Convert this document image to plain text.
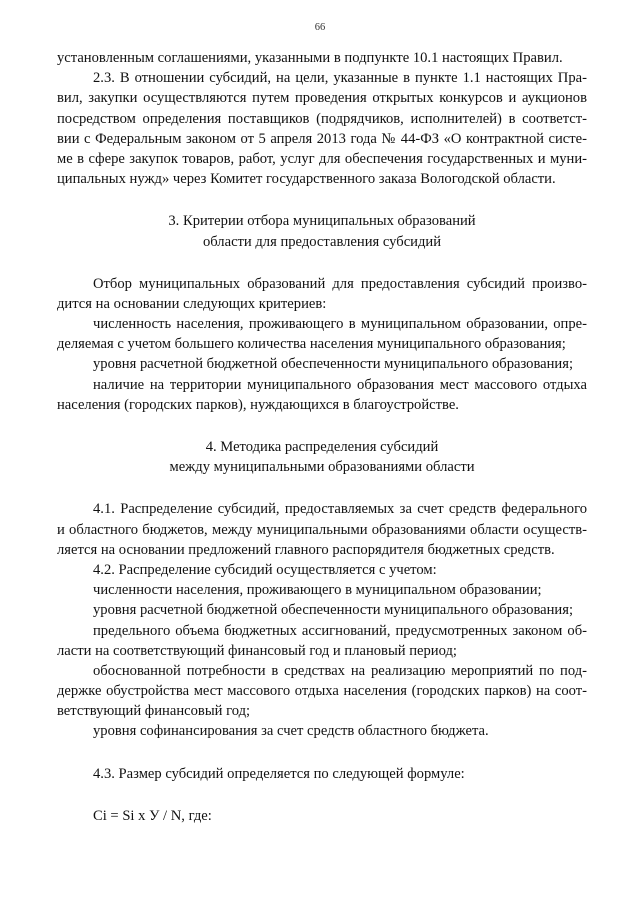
66
установленным соглашениями, указанными в подпункте 10.1 настоящих Правил.
2.3. В отношении субсидий, на цели, указанные в пункте 1.1 настоящих Пра-
вил, закупки осуществляются путем проведения открытых конкурсов и аукционов
посредством определения поставщиков (подрядчиков, исполнителей) в соответст-
вии с Федеральным законом от 5 апреля 2013 года № 44-ФЗ «О контрактной систе-
ме в сфере закупок товаров, работ, услуг для обеспечения государственных и муни-
ципальных нужд» через Комитет государственного заказа Вологодской области.
3. Критерии отбора муниципальных образований
области для предоставления субсидий
Отбор муниципальных образований для предоставления субсидий произво-
дится на основании следующих критериев:
численность населения, проживающего в муниципальном образовании, опре-
деляемая с учетом большего количества населения муниципального образования;
уровня расчетной бюджетной обеспеченности муниципального образования;
наличие на территории муниципального образования мест массового отдыха
населения (городских парков), нуждающихся в благоустройстве.
4. Методика распределения субсидий
между муниципальными образованиями области
4.1. Распределение субсидий, предоставляемых за счет средств федерального
и областного бюджетов, между муниципальными образованиями области осуществ-
ляется на основании предложений главного распорядителя бюджетных средств.
4.2. Распределение субсидий осуществляется с учетом:
численности населения, проживающего в муниципальном образовании;
уровня расчетной бюджетной обеспеченности муниципального образования;
предельного объема бюджетных ассигнований, предусмотренных законом об-
ласти на соответствующий финансовый год и плановый период;
обоснованной потребности в средствах на реализацию мероприятий по под-
держке обустройства мест массового отдыха населения (городских парков) на соот-
ветствующий финансовый год;
уровня софинансирования за счет средств областного бюджета.
4.3. Размер субсидий определяется по следующей формуле:
Ci = Si x У / N, где:
